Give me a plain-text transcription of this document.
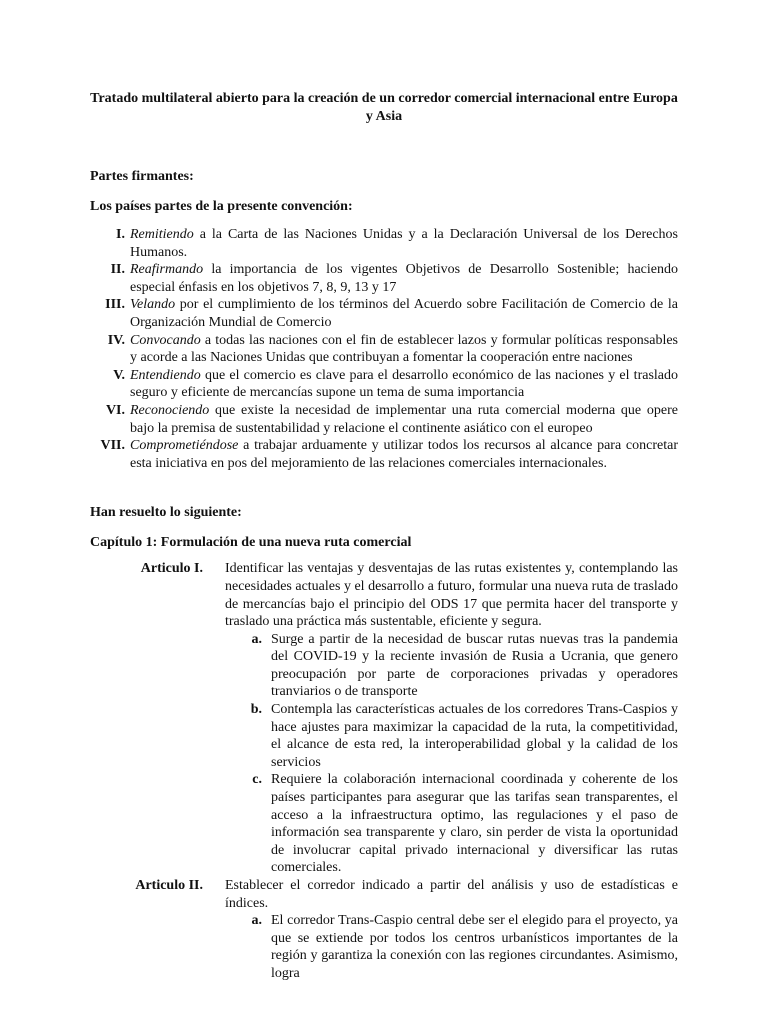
Tratado multilateral abierto para la creación de un corredor comercial internacional entre Europa y Asia
Partes firmantes:
Los países partes de la presente convención:
I. Remitiendo a la Carta de las Naciones Unidas y a la Declaración Universal de los Derechos Humanos.
II. Reafirmando la importancia de los vigentes Objetivos de Desarrollo Sostenible; haciendo especial énfasis en los objetivos 7, 8, 9, 13 y 17
III. Velando por el cumplimiento de los términos del Acuerdo sobre Facilitación de Comercio de la Organización Mundial de Comercio
IV. Convocando a todas las naciones con el fin de establecer lazos y formular políticas responsables y acorde a las Naciones Unidas que contribuyan a fomentar la cooperación entre naciones
V. Entendiendo que el comercio es clave para el desarrollo económico de las naciones y el traslado seguro y eficiente de mercancías supone un tema de suma importancia
VI. Reconociendo que existe la necesidad de implementar una ruta comercial moderna que opere bajo la premisa de sustentabilidad y relacione el continente asiático con el europeo
VII. Comprometiéndose a trabajar arduamente y utilizar todos los recursos al alcance para concretar esta iniciativa en pos del mejoramiento de las relaciones comerciales internacionales.
Han resuelto lo siguiente:
Capítulo 1: Formulación de una nueva ruta comercial
Articulo I. Identificar las ventajas y desventajas de las rutas existentes y, contemplando las necesidades actuales y el desarrollo a futuro, formular una nueva ruta de traslado de mercancías bajo el principio del ODS 17 que permita hacer del transporte y traslado una práctica más sustentable, eficiente y segura.

a. Surge a partir de la necesidad de buscar rutas nuevas tras la pandemia del COVID-19 y la reciente invasión de Rusia a Ucrania, que genero preocupación por parte de corporaciones privadas y operadores tranviarios o de transporte
b. Contempla las características actuales de los corredores Trans-Caspios y hace ajustes para maximizar la capacidad de la ruta, la competitividad, el alcance de esta red, la interoperabilidad global y la calidad de los servicios
c. Requiere la colaboración internacional coordinada y coherente de los países participantes para asegurar que las tarifas sean transparentes, el acceso a la infraestructura optimo, las regulaciones y el paso de información sea transparente y claro, sin perder de vista la oportunidad de involucrar capital privado internacional y diversificar las rutas comerciales.
Articulo II. Establecer el corredor indicado a partir del análisis y uso de estadísticas e índices.

a. El corredor Trans-Caspio central debe ser el elegido para el proyecto, ya que se extiende por todos los centros urbanísticos importantes de la región y garantiza la conexión con las regiones circundantes. Asimismo, logra
